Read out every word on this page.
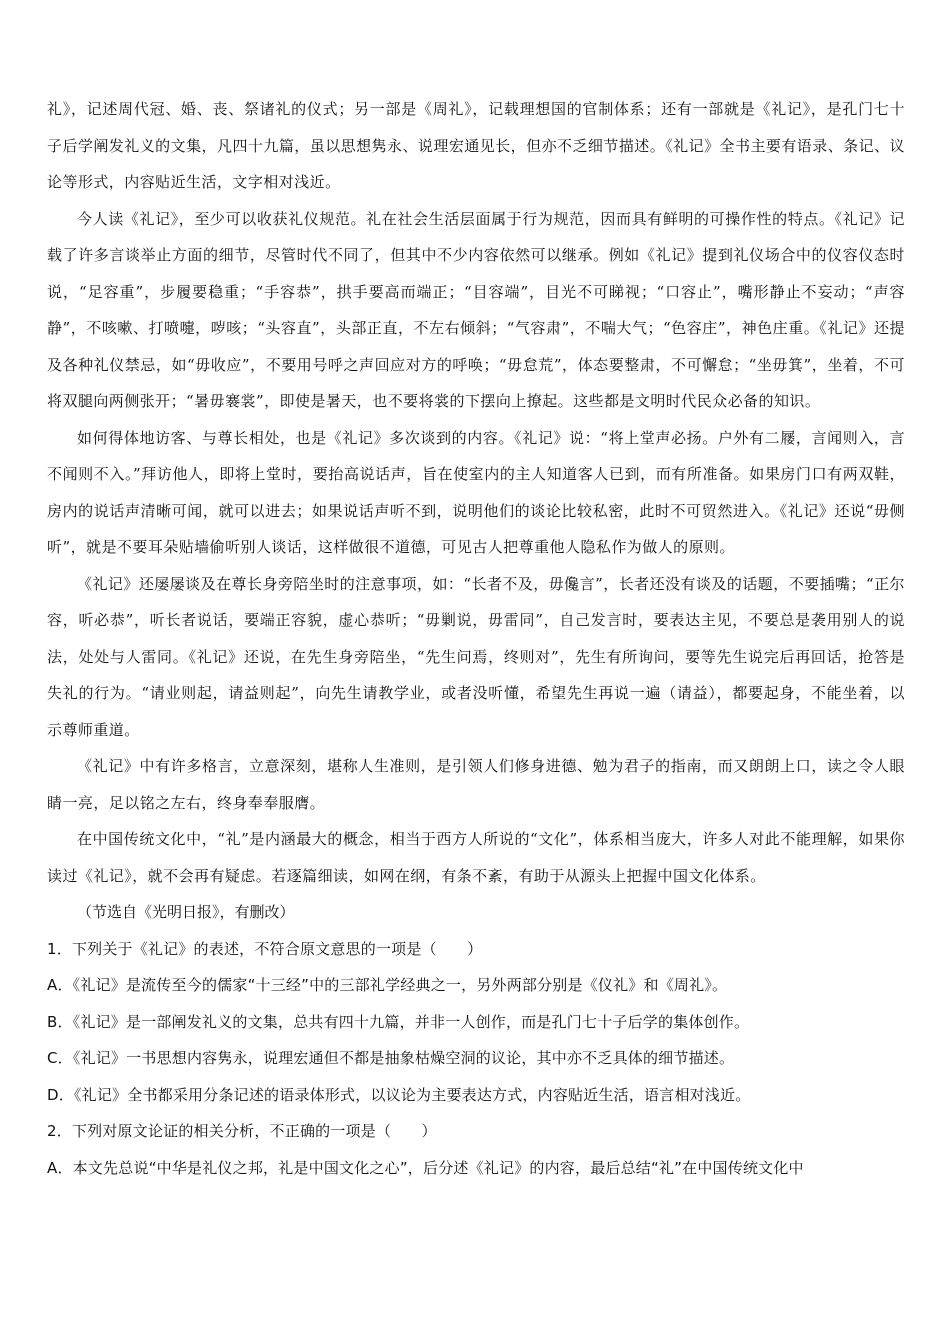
礼》，记述周代冠、婚、丧、祭诸礼的仪式；另一部是《周礼》，记载理想国的官制体系；还有一部就是《礼记》，是孔门七十子后学阐发礼义的文集，凡四十九篇，虽以思想隽永、说理宏通见长，但亦不乏细节描述。《礼记》全书主要有语录、条记、议论等形式，内容贴近生活，文字相对浅近。

今人读《礼记》，至少可以收获礼仪规范。礼在社会生活层面属于行为规范，因而具有鲜明的可操作性的特点。《礼记》记载了许多言谈举止方面的细节，尽管时代不同了，但其中不少内容依然可以继承。例如《礼记》提到礼仪场合中的仪容仪态时说，“足容重”，步履要稳重；“手容恭”，拱手要高而端正；“目容端”，目光不可睇视；“口容止”，嘴形静止不妄动；“声容静”，不咳嗽、打喷嚏，哕咳；“头容直”，头部正直，不左右倾斜；“气容肃”，不喘大气；“色容庄”，神色庄重。《礼记》还提及各种礼仪禁忌，如“毋收应”，不要用号呼之声回应对方的呼唤；“毋怠荒”，体态要整肃，不可懈怠；“坐毋箕”，坐着，不可将双腿向两侧张开；“暑毋褰裳”，即使是暑天，也不要将裳的下摆向上撩起。这些都是文明时代民众必备的知识。

如何得体地访客、与尊长相处，也是《礼记》多次谈到的内容。《礼记》说：“将上堂声必扬。户外有二屦，言闻则入，言不闻则不入。”拜访他人，即将上堂时，要抬高说话声，旨在使室内的主人知道客人已到，而有所准备。如果房门口有两双鞋，房内的说话声清晰可闻，就可以进去；如果说话声听不到，说明他们的谈论比较私密，此时不可贸然进入。《礼记》还说“毋侧听”，就是不要耳朵贴墙偷听别人谈话，这样做很不道德，可见古人把尊重他人隐私作为做人的原则。

《礼记》还屡屡谈及在尊长身旁陪坐时的注意事项，如：“长者不及，毋儳言”，长者还没有谈及的话题，不要插嘴；“正尔容，听必恭”，听长者说话，要端正容貌，虚心恭听；“毋剿说，毋雷同”，自己发言时，要表达主见，不要总是袭用别人的说法，处处与人雷同。《礼记》还说，在先生身旁陪坐，“先生问焉，终则对”，先生有所询问，要等先生说完后再回话，抢答是失礼的行为。“请业则起，请益则起”，向先生请教学业，或者没听懂，希望先生再说一遍（请益），都要起身，不能坐着，以示尊师重道。

《礼记》中有许多格言，立意深刻，堪称人生准则，是引领人们修身进德、勉为君子的指南，而又朗朗上口，读之令人眼睛一亮，足以铭之左右，终身奉奉服膺。

在中国传统文化中，“礼”是内涵最大的概念，相当于西方人所说的“文化”，体系相当庞大，许多人对此不能理解，如果你读过《礼记》，就不会再有疑虑。若逐篇细读，如网在纲，有条不紊，有助于从源头上把握中国文化体系。

（节选自《光明日报》，有删改）

1．下列关于《礼记》的表述，不符合原文意思的一项是（　　）

A．《礼记》是流传至今的儒家“十三经”中的三部礼学经典之一，另外两部分别是《仪礼》和《周礼》。

B．《礼记》是一部阐发礼义的文集，总共有四十九篇，并非一人创作，而是孔门七十子后学的集体创作。

C．《礼记》一书思想内容隽永，说理宏通但不都是抽象枯燥空洞的议论，其中亦不乏具体的细节描述。

D．《礼记》全书都采用分条记述的语录体形式，以议论为主要表达方式，内容贴近生活，语言相对浅近。

2．下列对原文论证的相关分析，不正确的一项是（　　）

A．本文先总说“中华是礼仪之邦，礼是中国文化之心”，后分述《礼记》的内容，最后总结“礼”在中国传统文化中
